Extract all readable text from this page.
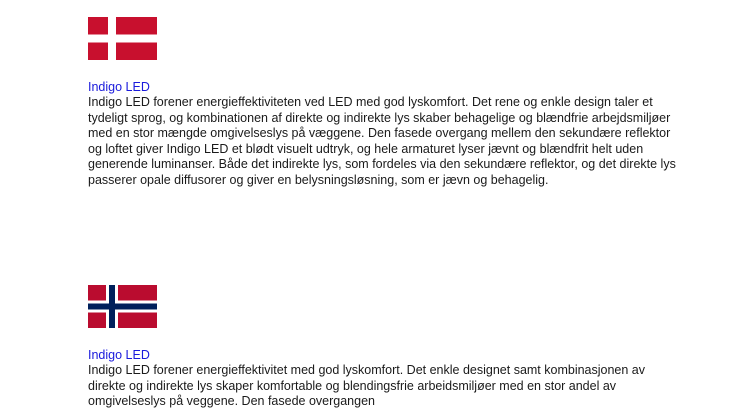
Indigo LED

Indigo LED forener energieffektiviteten ved LED med god lyskomfort. Det rene og enkle design taler et tydeligt sprog, og kombinationen af direkte og indirekte lys skaber behagelige og blændfrie arbejdsmiljøer med en stor mængde omgivelseslys på væggene. Den fasede overgang mellem den sekundære reflektor og loftet giver Indigo LED et blødt visuelt udtryk, og hele armaturet lyser jævnt og blændfrit helt uden generende luminanser. Både det indirekte lys, som fordeles via den sekundære reflektor, og det direkte lys passerer opale diffusorer og giver en belysningsløsning, som er jævn og behagelig.

Indigo LED

Indigo LED forener energieffektivitet med god lyskomfort. Det enkle designet samt kombinasjonen av direkte og indirekte lys skaper komfortable og blendingsfrie arbeidsmiljøer med en stor andel av omgivelseslys på veggene. Den fasede overgangen
